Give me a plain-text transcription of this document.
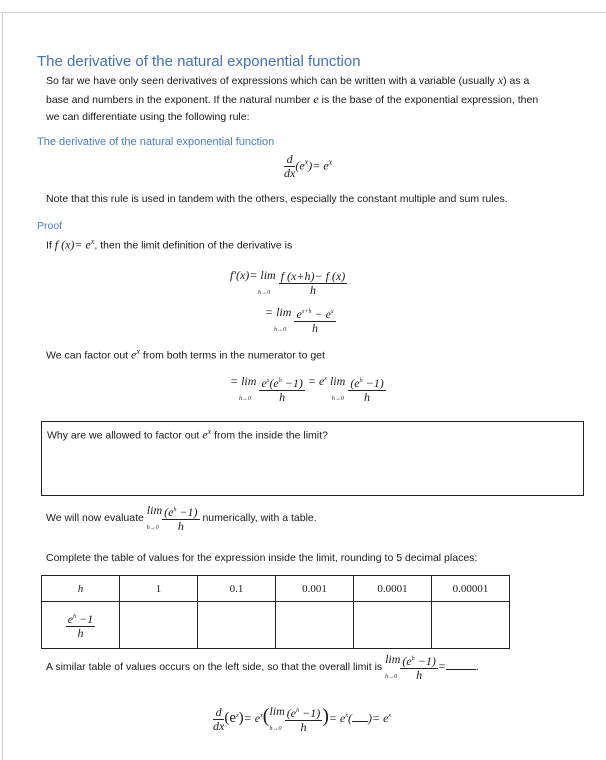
The derivative of the natural exponential function
So far we have only seen derivatives of expressions which can be written with a variable (usually x) as a
base and numbers in the exponent. If the natural number e is the base of the exponential expression, then
we can differentiate using the following rule:
The derivative of the natural exponential function
$\frac{d}{dx} (e^x)= e^x$
Note that this rule is used in tandem with the others, especially the constant multiple and sum rules.
Proof
If f $(x)= e^x$, then the limit definition of the derivative is
f′(x)= lim
$h\to 0 \frac{f (x+h)- f (x)}{h}$
= lim
$h\to 0 \frac{e^{x+h} - e^x}{h}$
We can factor out $e^x$ from both terms in the numerator to get
= lim
$h\to 0 \frac{e^x(e^h -1)}{h} = e^x$ lim
$h\to 0 \frac{(e^h -1)}{h}$
Why are we allowed to factor out $e^x$ from the inside the limit?
We will now evaluate lim
$h\to 0 \frac{(e^h -1)}{h}$ numerically, with a table.
Complete the table of values for the expression inside the limit, rounding to 5 decimal places:
h	1	0.1	0.001	0.0001	0.00001

$\frac{e^h -1}{h}$

A similar table of values occurs on the left side, so that the overall limit is lim
$h\to 0 \frac{(e^h -1)}{h}$ =	.
$\frac{d}{dx} (e^x)= e^x(\lim$
$h\to 0 \frac{(e^h -1)}{h}$ )= $e^x$( )= $e^x$
